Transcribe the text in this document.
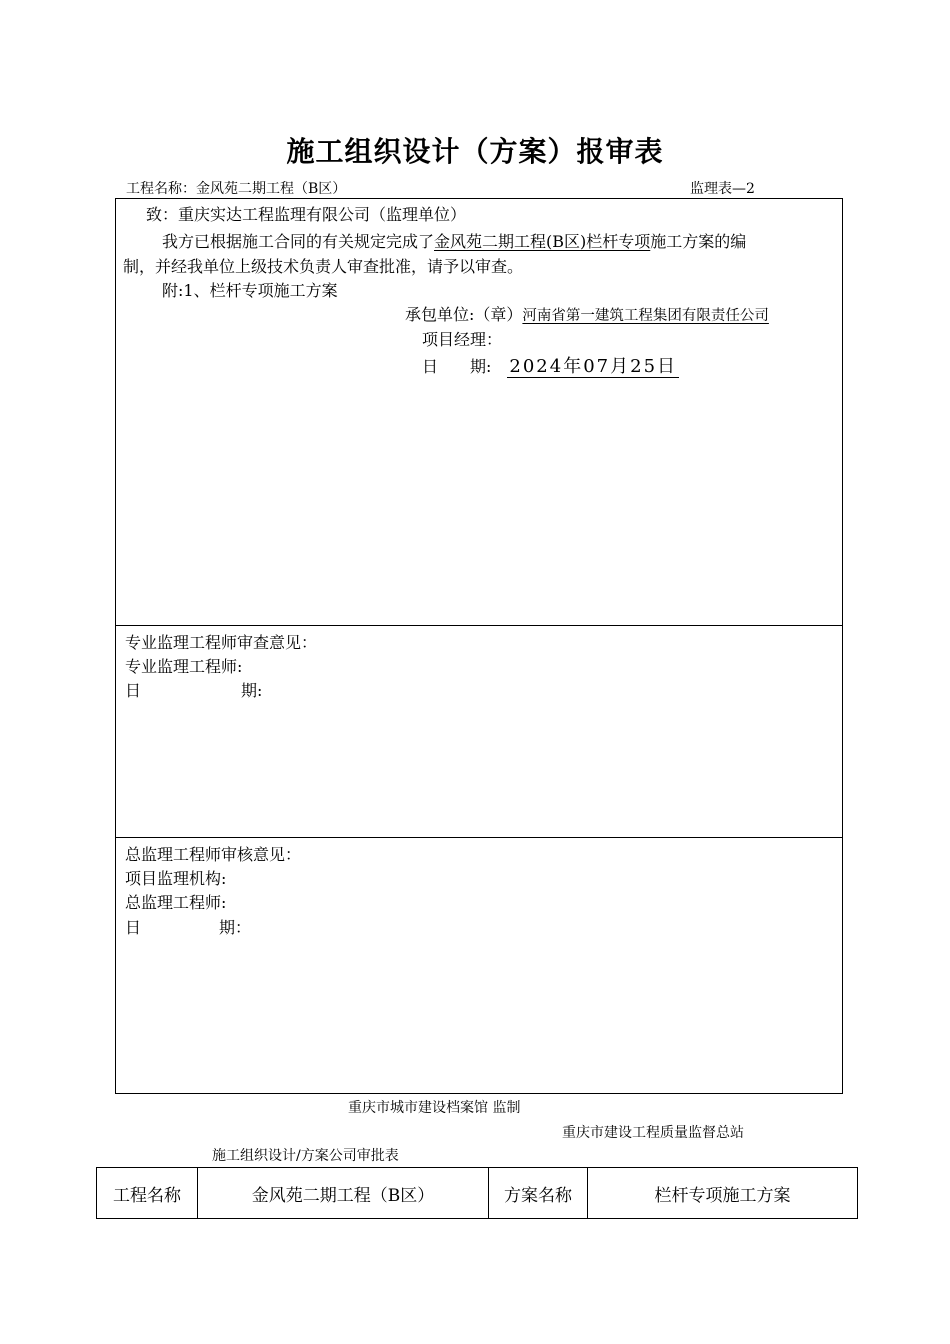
施工组织设计（方案）报审表
工程名称：金风苑二期工程（B区）	监理表—2
致：重庆实达工程监理有限公司（监理单位）
我方已根据施工合同的有关规定完成了金风苑二期工程(B区)栏杆专项施工方案的编
制，并经我单位上级技术负责人审查批准，请予以审查。
附:1、栏杆专项施工方案
承包单位:（章）河南省第一建筑工程集团有限责任公司
项目经理：
日　　期: 2024年07月25日
专业监理工程师审查意见：
专业监理工程师:
日	期:
总监理工程师审核意见：
项目监理机构:
总监理工程师:
日	期：
重庆市城市建设档案馆 监制
重庆市建设工程质量监督总站
施工组织设计/方案公司审批表
工程名称	金风苑二期工程（B区）	方案名称	栏杆专项施工方案
